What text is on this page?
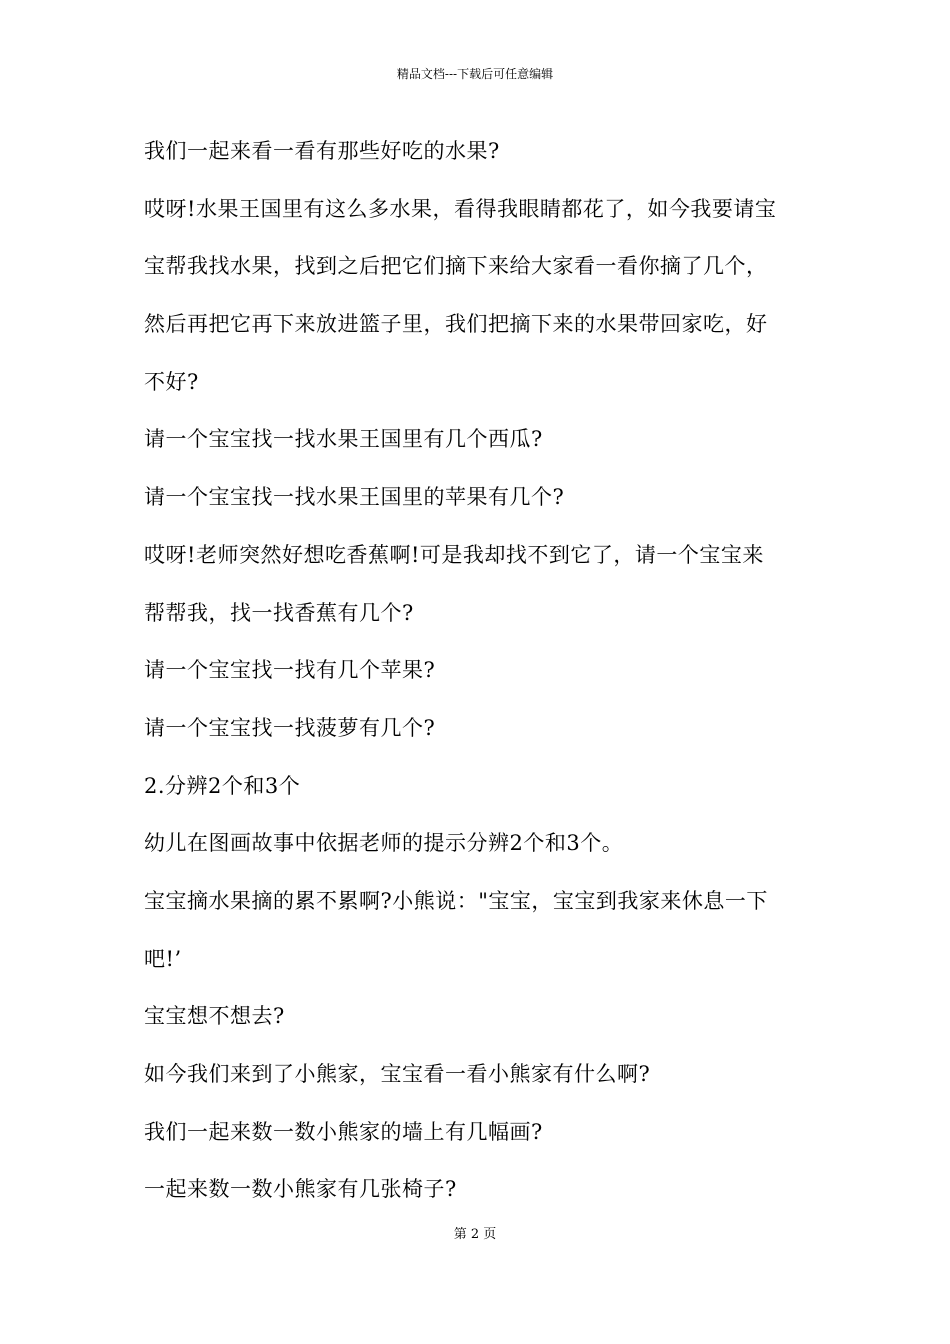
精品文档---下载后可任意编辑
我们一起来看一看有那些好吃的水果?
哎呀!水果王国里有这么多水果，看得我眼睛都花了，如今我要请宝
宝帮我找水果，找到之后把它们摘下来给大家看一看你摘了几个，
然后再把它再下来放进篮子里，我们把摘下来的水果带回家吃，好
不好?
请一个宝宝找一找水果王国里有几个西瓜?
请一个宝宝找一找水果王国里的苹果有几个?
哎呀!老师突然好想吃香蕉啊!可是我却找不到它了，请一个宝宝来
帮帮我，找一找香蕉有几个?
请一个宝宝找一找有几个苹果?
请一个宝宝找一找菠萝有几个?
2.分辨2个和3个
幼儿在图画故事中依据老师的提示分辨2个和3个。
宝宝摘水果摘的累不累啊?小熊说："宝宝，宝宝到我家来休息一下
吧!’
宝宝想不想去?
如今我们来到了小熊家，宝宝看一看小熊家有什么啊?
我们一起来数一数小熊家的墙上有几幅画?
一起来数一数小熊家有几张椅子?
第 2 页
